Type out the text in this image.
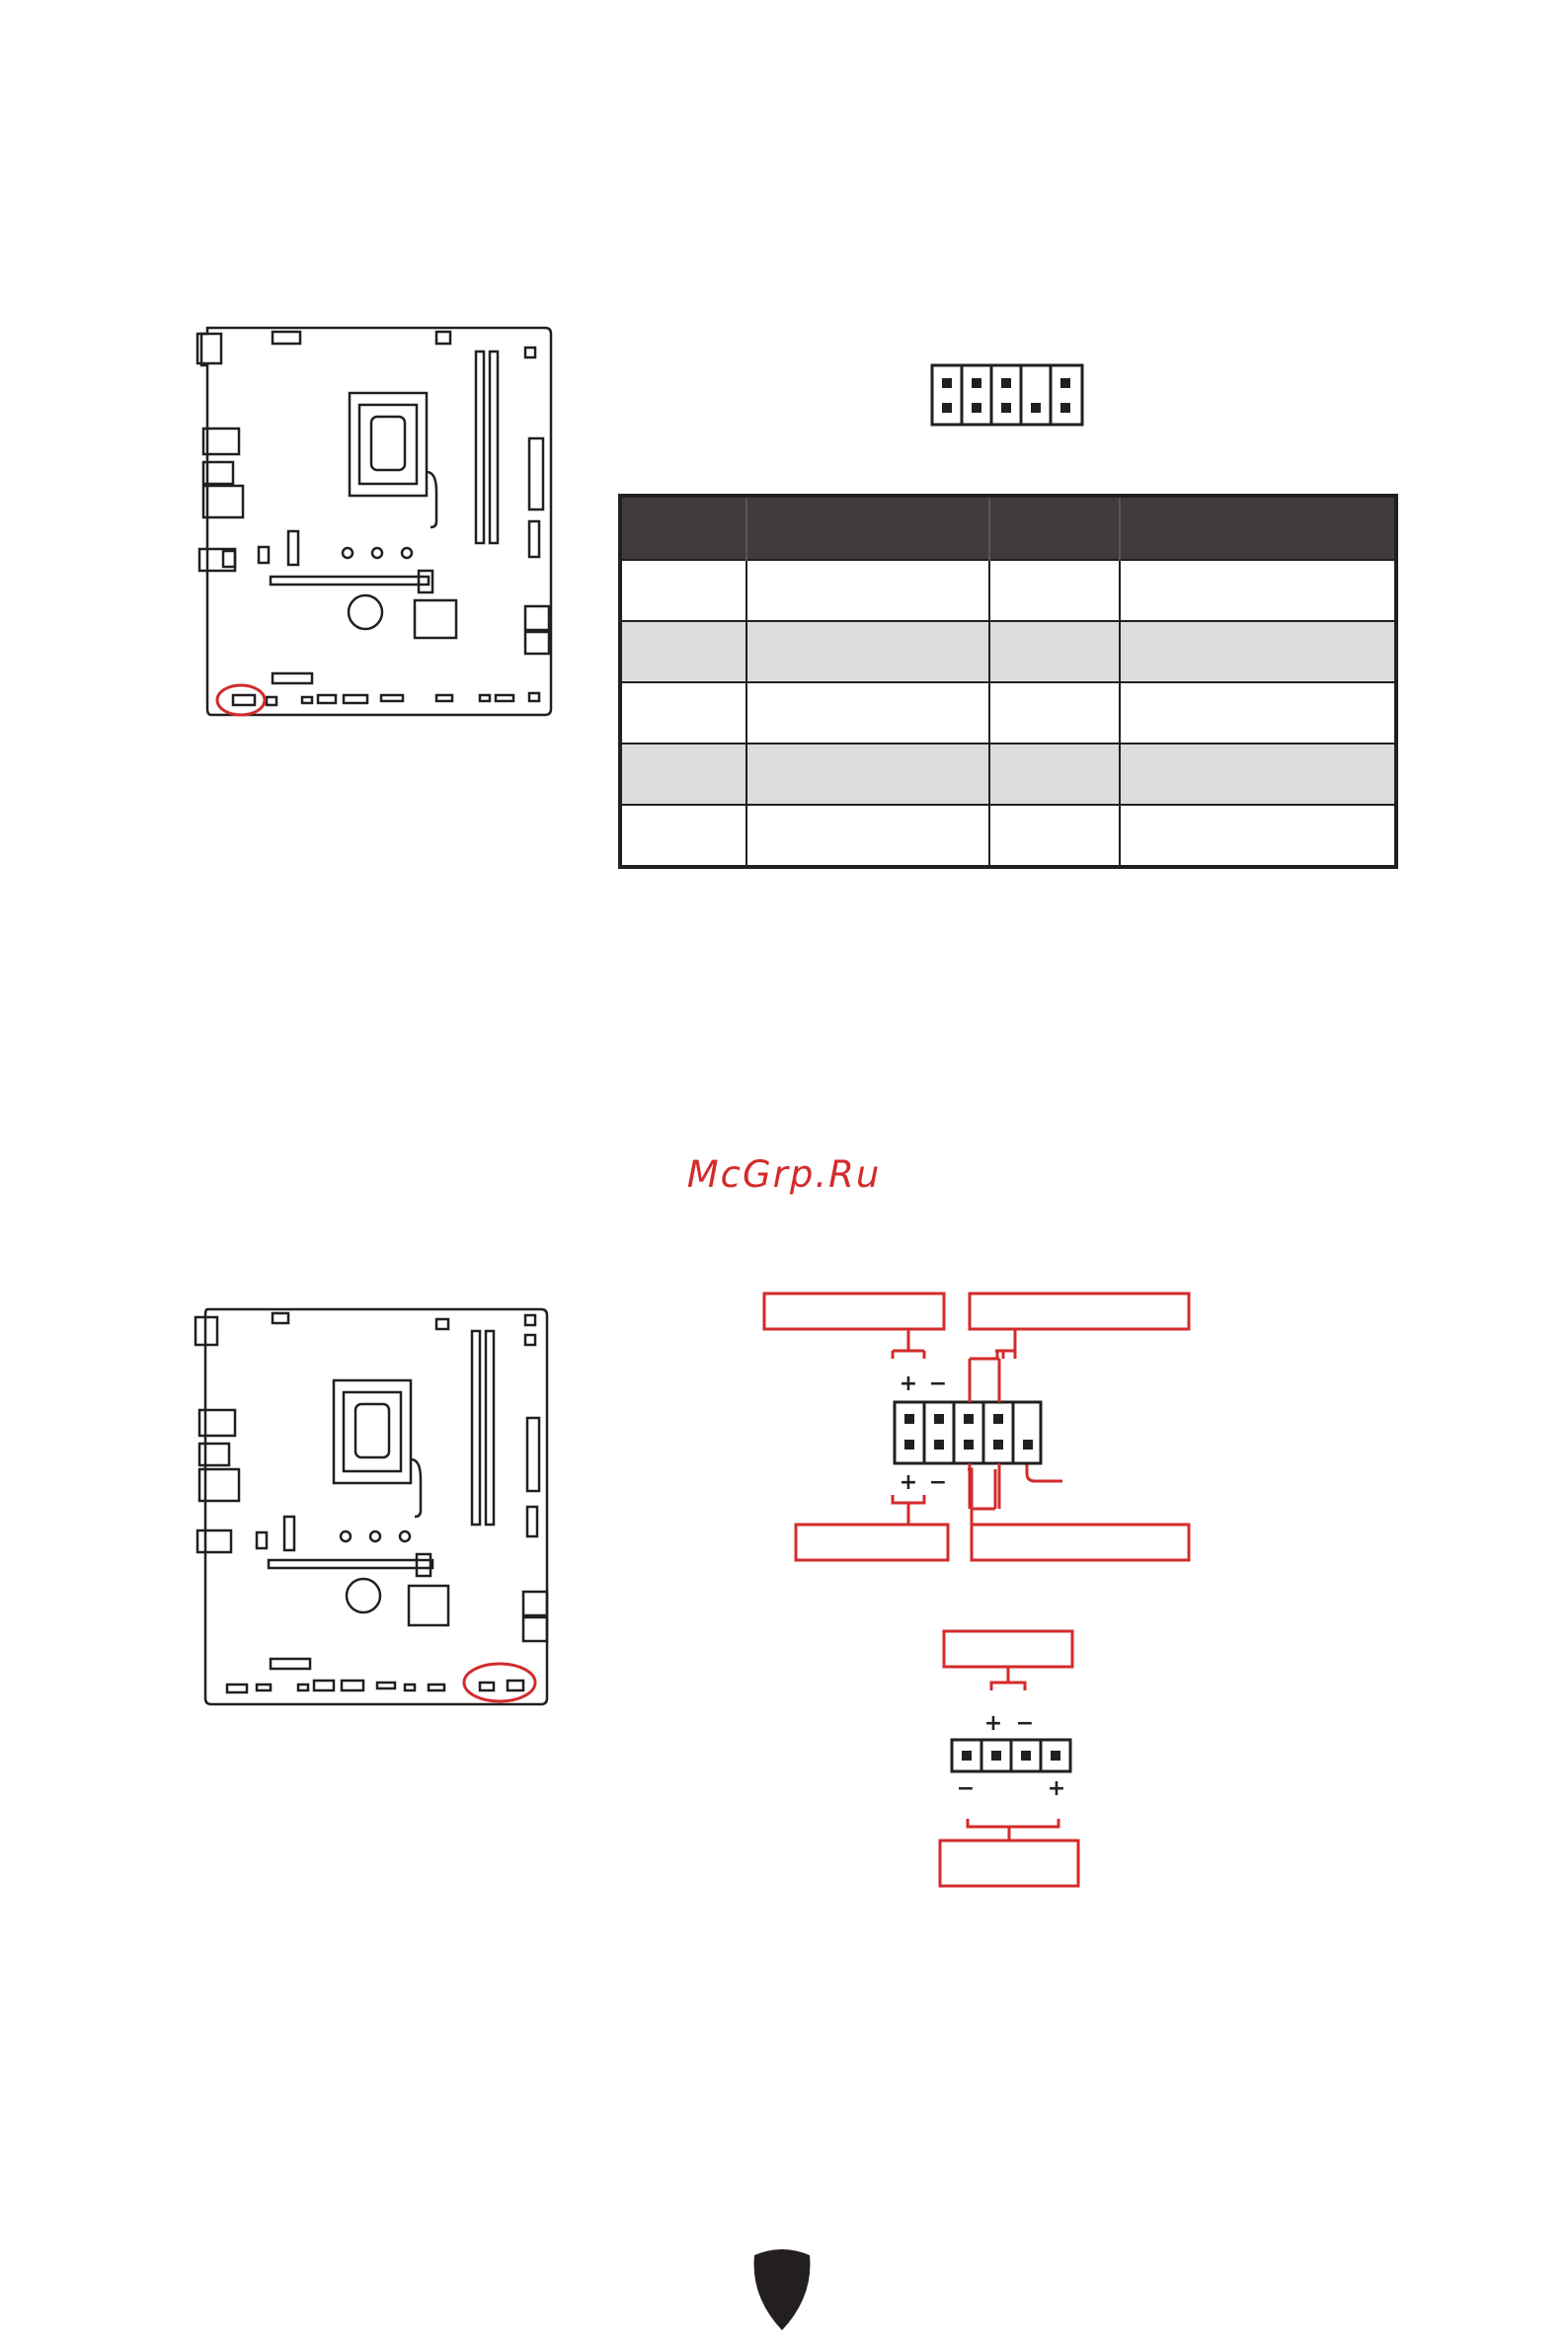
McGrp.Ru
+ −
+ −
+ −
−	+
